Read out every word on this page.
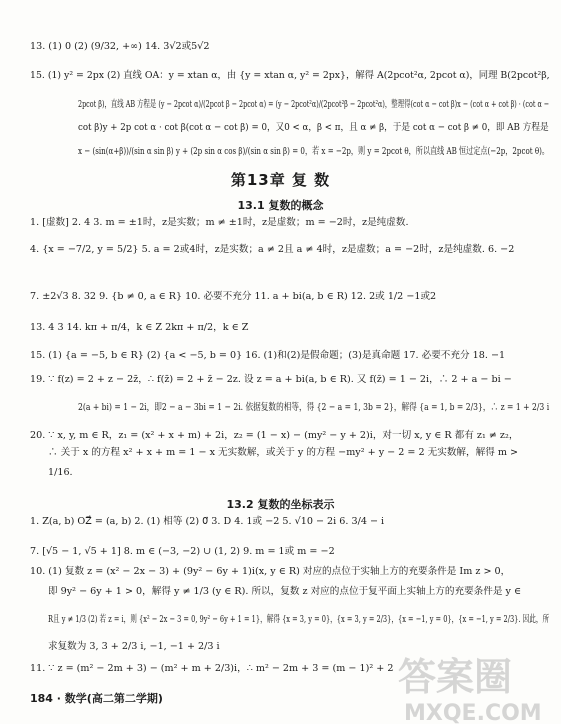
13. (1) 0 (2) (9/32, +∞) 14. 3√2或5√2
15. (1) y² = 2px (2) 直线 OA：y = xtan α，由 {y = xtan α, y² = 2px}，解得 A(2pcot²α, 2pcot α)，同理 B(2pcot²β,
2pcot β)，直线 AB 方程是 (y − 2pcot α)/(2pcot β − 2pcot α) = (y − 2pcot²α)/(2pcot²β − 2pcot²α)，整理得(cot α − cot β)x − (cot α + cot β) · (cot α −
cot β)y + 2p cot α · cot β(cot α − cot β) = 0，又0 < α，β < π，且 α ≠ β，于是 cot α − cot β ≠ 0，即 AB 方程是
x − (sin(α+β))/(sin α sin β) y + (2p sin α cos β)/(sin α sin β) = 0，若 x = −2p，则 y = 2pcot θ，所以直线 AB 恒过定点(−2p，2pcot θ)。
1. [虚数] 2. 4 3. m = ±1时，z是实数；m ≠ ±1时，z是虚数；m = −2时，z是纯虚数.
4. {x = −7/2, y = 5/2} 5. a = 2或4时，z是实数；a ≠ 2且 a ≠ 4时，z是虚数；a = −2时，z是纯虚数. 6. −2
7. ±2√3 8. 32 9. {b ≠ 0, a ∈ R} 10. 必要不充分 11. a + bi(a, b ∈ R) 12. 2或 1/2 −1或2
13. 4 3 14. kπ + π/4，k ∈ Z 2kπ + π/2，k ∈ Z
15. (1) {a = −5, b ∈ R} (2) {a < −5, b = 0} 16. (1)和(2)是假命题；(3)是真命题 17. 必要不充分 18. −1
19. ∵ f(z) = 2 + z − 2z̄，∴ f(z̄) = 2 + z̄ − 2z. 设 z = a + bi(a, b ∈ R). 又 f(z̄) = 1 − 2i，∴ 2 + a − bi −
2(a + bi) = 1 − 2i，即2 − a − 3bi = 1 − 2i. 依据复数的相等，得 {2 − a = 1, 3b = 2}，解得 {a = 1, b = 2/3}，∴ z = 1 + 2/3 i
20. ∵ x, y, m ∈ R，z₁ = (x² + x + m) + 2i，z₂ = (1 − x) − (my² − y + 2)i，对一切 x, y ∈ R 都有 z₁ ≠ z₂，
∴ 关于 x 的方程 x² + x + m = 1 − x 无实数解，或关于 y 的方程 −my² + y − 2 = 2 无实数解，解得 m >
1/16.
1. Z(a, b) OZ⃗ = (a, b) 2. (1) 相等 (2) 0⃗ 3. D 4. 1或 −2 5. √10 − 2i 6. 3/4 − i
7. [√5 − 1, √5 + 1] 8. m ∈ (−3, −2) ∪ (1, 2) 9. m = 1或 m = −2
10. (1) 复数 z = (x² − 2x − 3) + (9y² − 6y + 1)i(x, y ∈ R) 对应的点位于实轴上方的充要条件是 Im z > 0，
即 9y² − 6y + 1 > 0，解得 y ≠ 1/3 (y ∈ R). 所以，复数 z 对应的点位于复平面上实轴上方的充要条件是 y ∈
R且 y ≠ 1/3 (2) 若 z = i，则 {x² − 2x − 3 = 0, 9y² − 6y + 1 = 1}，解得 {x = 3, y = 0}，{x = 3, y = 2/3}，{x = −1, y = 0}，{x = −1, y = 2/3}. 因此，所
求复数为 3, 3 + 2/3 i, −1, −1 + 2/3 i
11. ∵ z = (m² − 2m + 3) − (m² + m + 2/3)i，∴ m² − 2m + 3 = (m − 1)² + 2
第13章 复 数
13.1 复数的概念
13.2 复数的坐标表示
184 · 数学(高二第二学期)	答案圈
MXQE.COM
